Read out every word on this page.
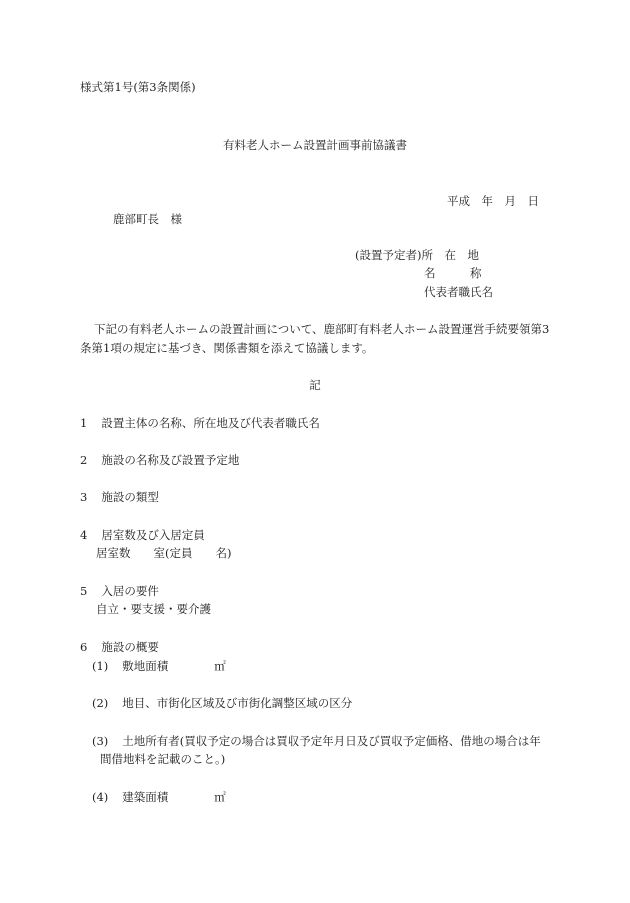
様式第1号(第3条関係)
有料老人ホーム設置計画事前協議書
平成　年　月　日
鹿部町長　様
(設置予定者)所　在　地
名　　　称
代表者職氏名
下記の有料老人ホームの設置計画について、鹿部町有料老人ホーム設置運営手続要領第3
条第1項の規定に基づき、関係書類を添えて協議します。
記
1 設置主体の名称、所在地及び代表者職氏名
2 施設の名称及び設置予定地
3 施設の類型
4 居室数及び入居定員
居室数　　室(定員　　名)
5 入居の要件
自立・要支援・要介護
6 施設の概要
(1) 敷地面積	㎡
(2) 地目、市街化区域及び市街化調整区域の区分
(3) 土地所有者(買収予定の場合は買収予定年月日及び買収予定価格、借地の場合は年
間借地料を記載のこと。)
(4) 建築面積	㎡
